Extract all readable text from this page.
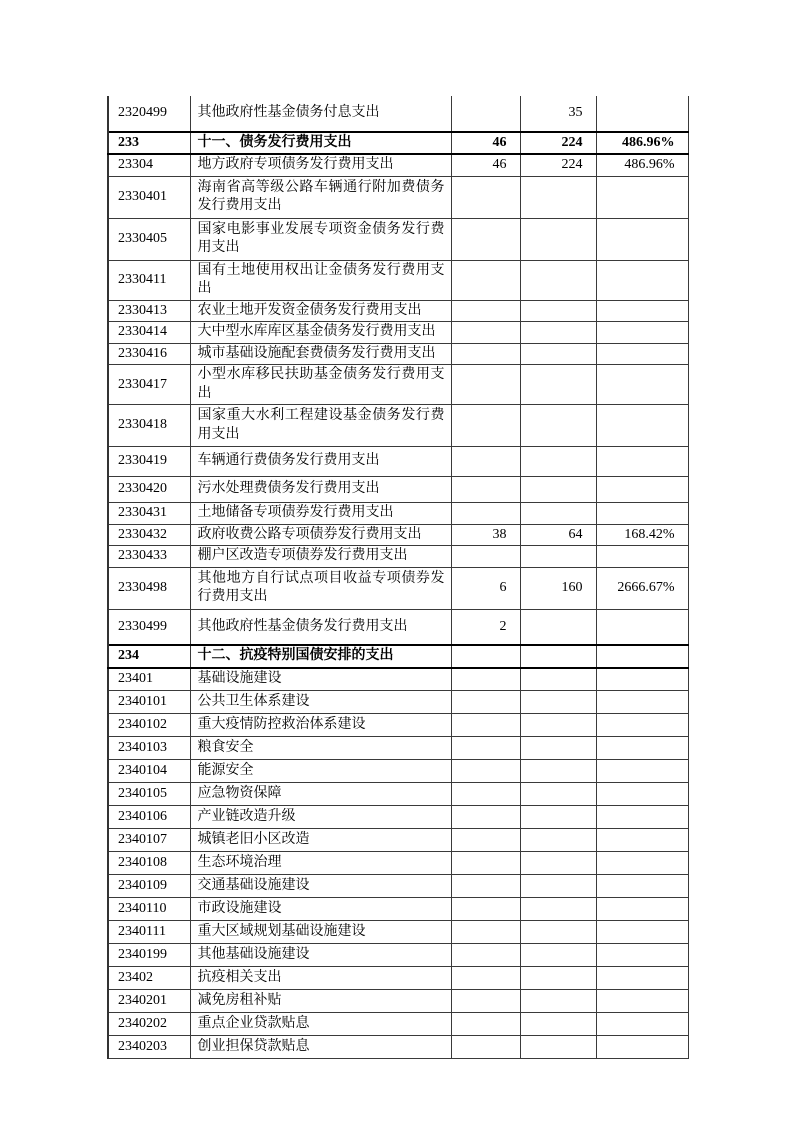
2320499	其他政府性基金债务付息支出		35	
233	十一、债务发行费用支出	46	224	486.96%
23304	地方政府专项债务发行费用支出	46	224	486.96%
2330401	海南省高等级公路车辆通行附加费债务发行费用支出			
2330405	国家电影事业发展专项资金债务发行费用支出			
2330411	国有土地使用权出让金债务发行费用支出			
2330413	农业土地开发资金债务发行费用支出			
2330414	大中型水库库区基金债务发行费用支出			
2330416	城市基础设施配套费债务发行费用支出			
2330417	小型水库移民扶助基金债务发行费用支出			
2330418	国家重大水利工程建设基金债务发行费用支出			
2330419	车辆通行费债务发行费用支出			
2330420	污水处理费债务发行费用支出			
2330431	土地储备专项债券发行费用支出			
2330432	政府收费公路专项债券发行费用支出	38	64	168.42%
2330433	棚户区改造专项债券发行费用支出			
2330498	其他地方自行试点项目收益专项债券发行费用支出	6	160	2666.67%
2330499	其他政府性基金债务发行费用支出	2		
234	十二、抗疫特别国债安排的支出			
23401	基础设施建设			
2340101	公共卫生体系建设			
2340102	重大疫情防控救治体系建设			
2340103	粮食安全			
2340104	能源安全			
2340105	应急物资保障			
2340106	产业链改造升级			
2340107	城镇老旧小区改造			
2340108	生态环境治理			
2340109	交通基础设施建设			
2340110	市政设施建设			
2340111	重大区域规划基础设施建设			
2340199	其他基础设施建设			
23402	抗疫相关支出			
2340201	减免房租补贴			
2340202	重点企业贷款贴息			
2340203	创业担保贷款贴息			
